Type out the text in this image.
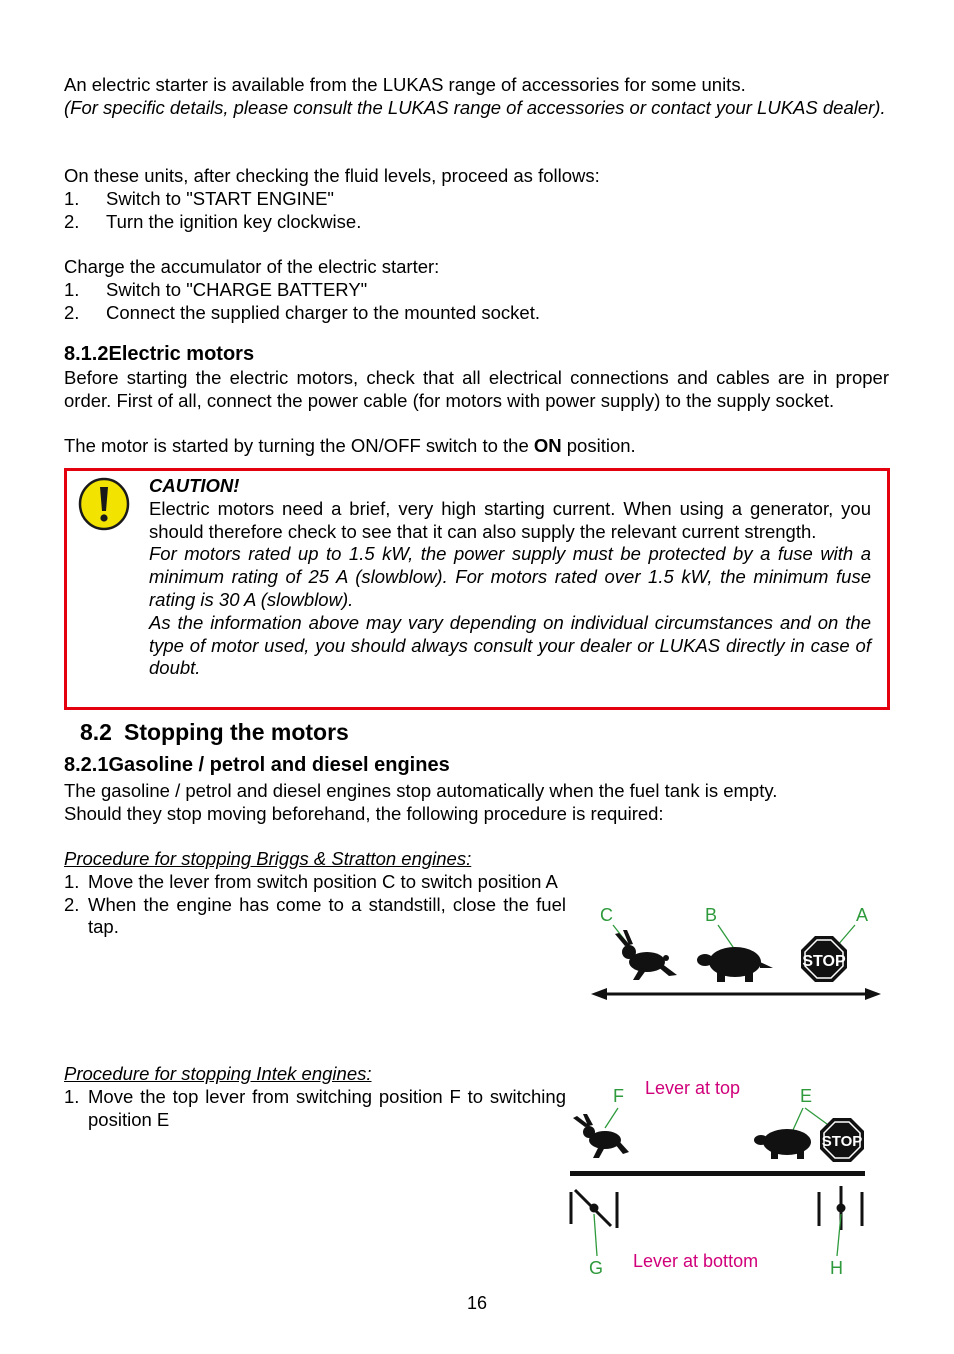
An electric starter is available from the LUKAS range of accessories for some units.
(For specific details, please consult the LUKAS range of accessories or contact your LUKAS dealer).
On these units, after checking the fluid levels, proceed as follows:
1. Switch to "START ENGINE"
2. Turn the ignition key clockwise.
Charge the accumulator of the electric starter:
1. Switch to "CHARGE BATTERY"
2. Connect the supplied charger to the mounted socket.
8.1.2Electric motors
Before starting the electric motors, check that all electrical connections and cables are in proper order. First of all, connect the power cable (for motors with power supply) to the supply socket.
The motor is started by turning the ON/OFF switch to the ON position.
CAUTION!
Electric motors need a brief, very high starting current. When using a generator, you should therefore check to see that it can also supply the relevant current strength.
For motors rated up to 1.5 kW, the power supply must be protected by a fuse with a minimum rating of 25 A (slowblow). For motors rated over 1.5 kW, the minimum fuse rating is 30 A (slowblow).
As the information above may vary depending on individual circumstances and on the type of motor used, you should always consult your dealer or LUKAS directly in case of doubt.
8.2 Stopping the motors
8.2.1Gasoline / petrol and diesel engines
The gasoline / petrol and diesel engines stop automatically when the fuel tank is empty.
Should they stop moving beforehand, the following procedure is required:
Procedure for stopping Briggs & Stratton engines:
1. Move the lever from switch position C to switch position A
2. When the engine has come to a standstill, close the fuel tap.
C	B	A
STOP
Procedure for stopping Intek engines:
1. Move the top lever from switching position F to switching position E
F Lever at top	E
G Lever at bottom	H
STOP
16
